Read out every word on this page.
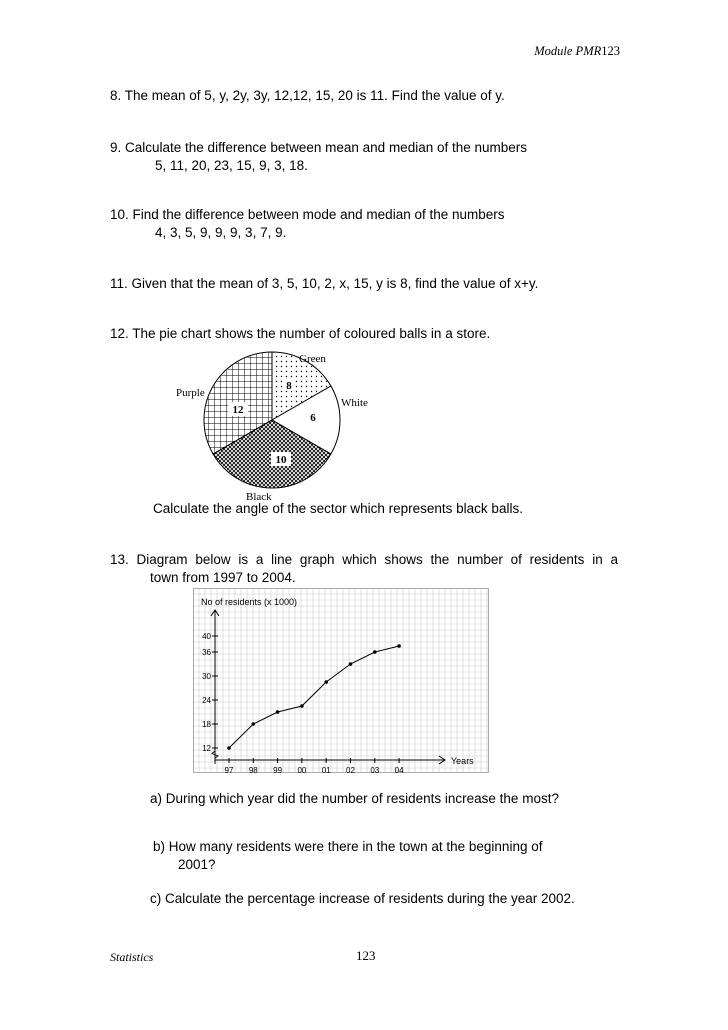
Module PMR123
8. The mean of 5, y, 2y, 3y, 12,12, 15, 20 is 11. Find the value of y.
9. Calculate the difference between mean and median of the numbers
5, 11, 20, 23, 15, 9, 3, 18.
10. Find the difference between mode and median of the numbers
4, 3, 5, 9, 9, 9, 3, 7, 9.
11. Given that the mean of 3, 5, 10, 2, x, 15, y is 8, find the value of x+y.
12. The pie chart shows the number of coloured balls in a store.
8
6
10
12
Green
White
Black
Purple
Calculate the angle of the sector which represents black balls.
13. Diagram below is a line graph which shows the number of residents in a
town from 1997 to 2004.
No of residents (x 1000)
Years
12
18
24
30
36
40
97 98 99 00 01 02 03 04
a) During which year did the number of residents increase the most?
b) How many residents were there in the town at the beginning of
2001?
c) Calculate the percentage increase of residents during the year 2002.
Statistics	123
